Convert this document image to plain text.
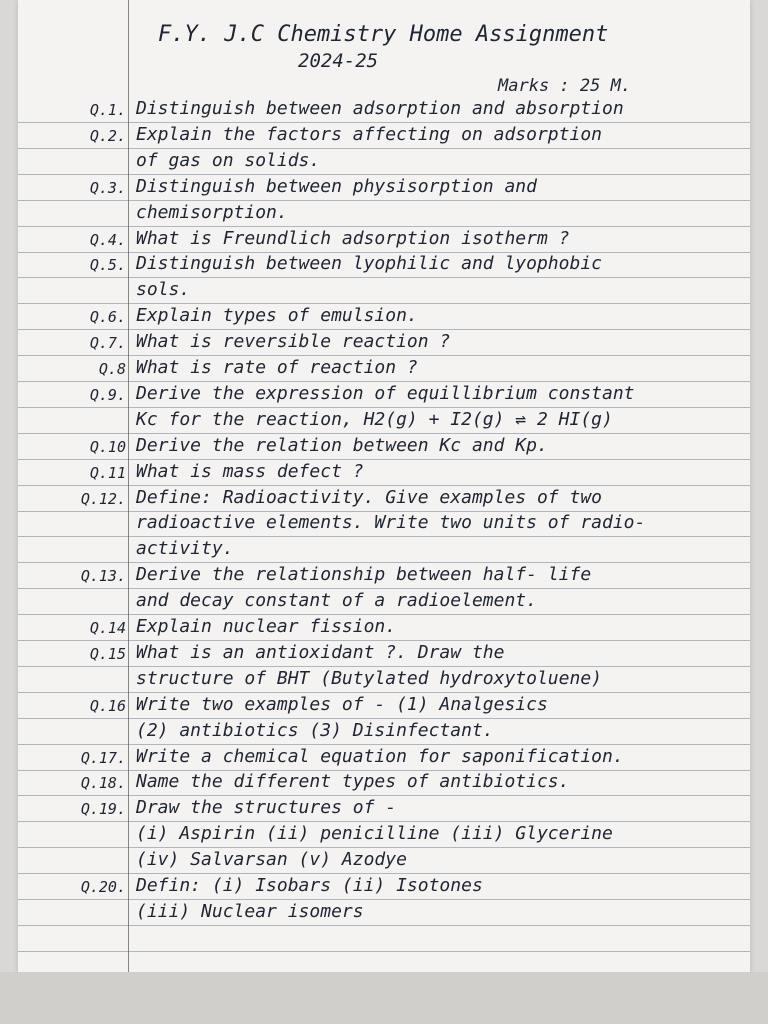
F.Y. J.C Chemistry Home Assignment
2024-25
Marks : 25 M.
Q.1. Distinguish between adsorption and absorption
Q.2. Explain the factors affecting on adsorption
of gas on solids.
Q.3. Distinguish between physisorption and
chemisorption.
Q.4. What is Freundlich adsorption isotherm ?
Q.5. Distinguish between lyophilic and lyophobic
sols.
Q.6. Explain types of emulsion.
Q.7. What is reversible reaction ?
Q.8 What is rate of reaction ?
Q.9. Derive the expression of equillibrium constant
Kc for the reaction, H2(g) + I2(g) ⇌ 2 HI(g)
Q.10 Derive the relation between Kc and Kp.
Q.11 What is mass defect ?
Q.12. Define: Radioactivity. Give examples of two
radioactive elements. Write two units of radio-
activity.
Q.13. Derive the relationship between half- life
and decay constant of a radioelement.
Q.14 Explain nuclear fission.
Q.15 What is an antioxidant ?. Draw the
structure of BHT (Butylated hydroxytoluene)
Q.16 Write two examples of - (1) Analgesics
(2) antibiotics (3) Disinfectant.
Q.17. Write a chemical equation for saponification.
Q.18. Name the different types of antibiotics.
Q.19. Draw the structures of -
(i) Aspirin (ii) penicilline (iii) Glycerine
(iv) Salvarsan (v) Azodye
Q.20. Defin: (i) Isobars (ii) Isotones
(iii) Nuclear isomers
